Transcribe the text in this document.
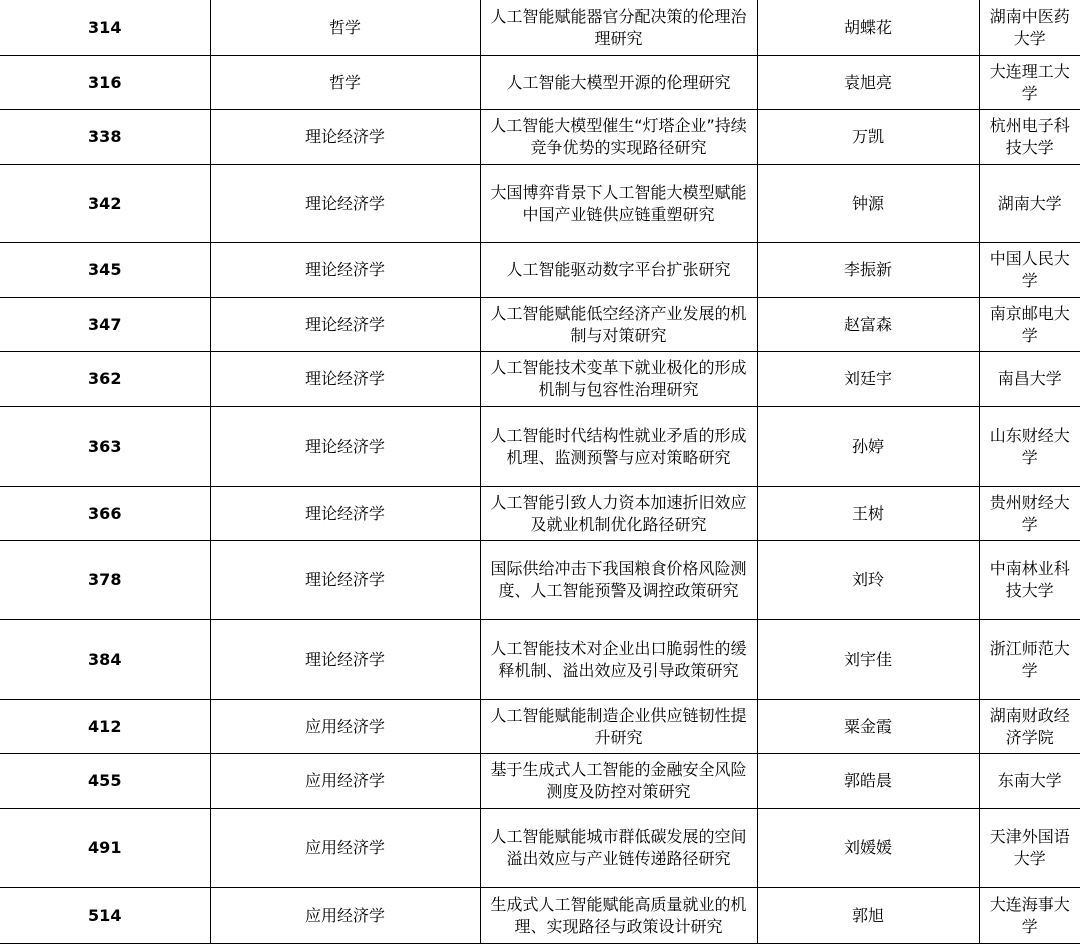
314	哲学	人工智能赋能器官分配决策的伦理治理研究	胡蝶花	湖南中医药大学
316	哲学	人工智能大模型开源的伦理研究	袁旭亮	大连理工大学
338	理论经济学	人工智能大模型催生“灯塔企业”持续竞争优势的实现路径研究	万凯	杭州电子科技大学
342	理论经济学	大国博弈背景下人工智能大模型赋能中国产业链供应链重塑研究	钟源	湖南大学
345	理论经济学	人工智能驱动数字平台扩张研究	李振新	中国人民大学
347	理论经济学	人工智能赋能低空经济产业发展的机制与对策研究	赵富森	南京邮电大学
362	理论经济学	人工智能技术变革下就业极化的形成机制与包容性治理研究	刘廷宇	南昌大学
363	理论经济学	人工智能时代结构性就业矛盾的形成机理、监测预警与应对策略研究	孙婷	山东财经大学
366	理论经济学	人工智能引致人力资本加速折旧效应及就业机制优化路径研究	王树	贵州财经大学
378	理论经济学	国际供给冲击下我国粮食价格风险测度、人工智能预警及调控政策研究	刘玲	中南林业科技大学
384	理论经济学	人工智能技术对企业出口脆弱性的缓释机制、溢出效应及引导政策研究	刘宇佳	浙江师范大学
412	应用经济学	人工智能赋能制造企业供应链韧性提升研究	粟金霞	湖南财政经济学院
455	应用经济学	基于生成式人工智能的金融安全风险测度及防控对策研究	郭皓晨	东南大学
491	应用经济学	人工智能赋能城市群低碳发展的空间溢出效应与产业链传递路径研究	刘媛媛	天津外国语大学
514	应用经济学	生成式人工智能赋能高质量就业的机理、实现路径与政策设计研究	郭旭	大连海事大学
